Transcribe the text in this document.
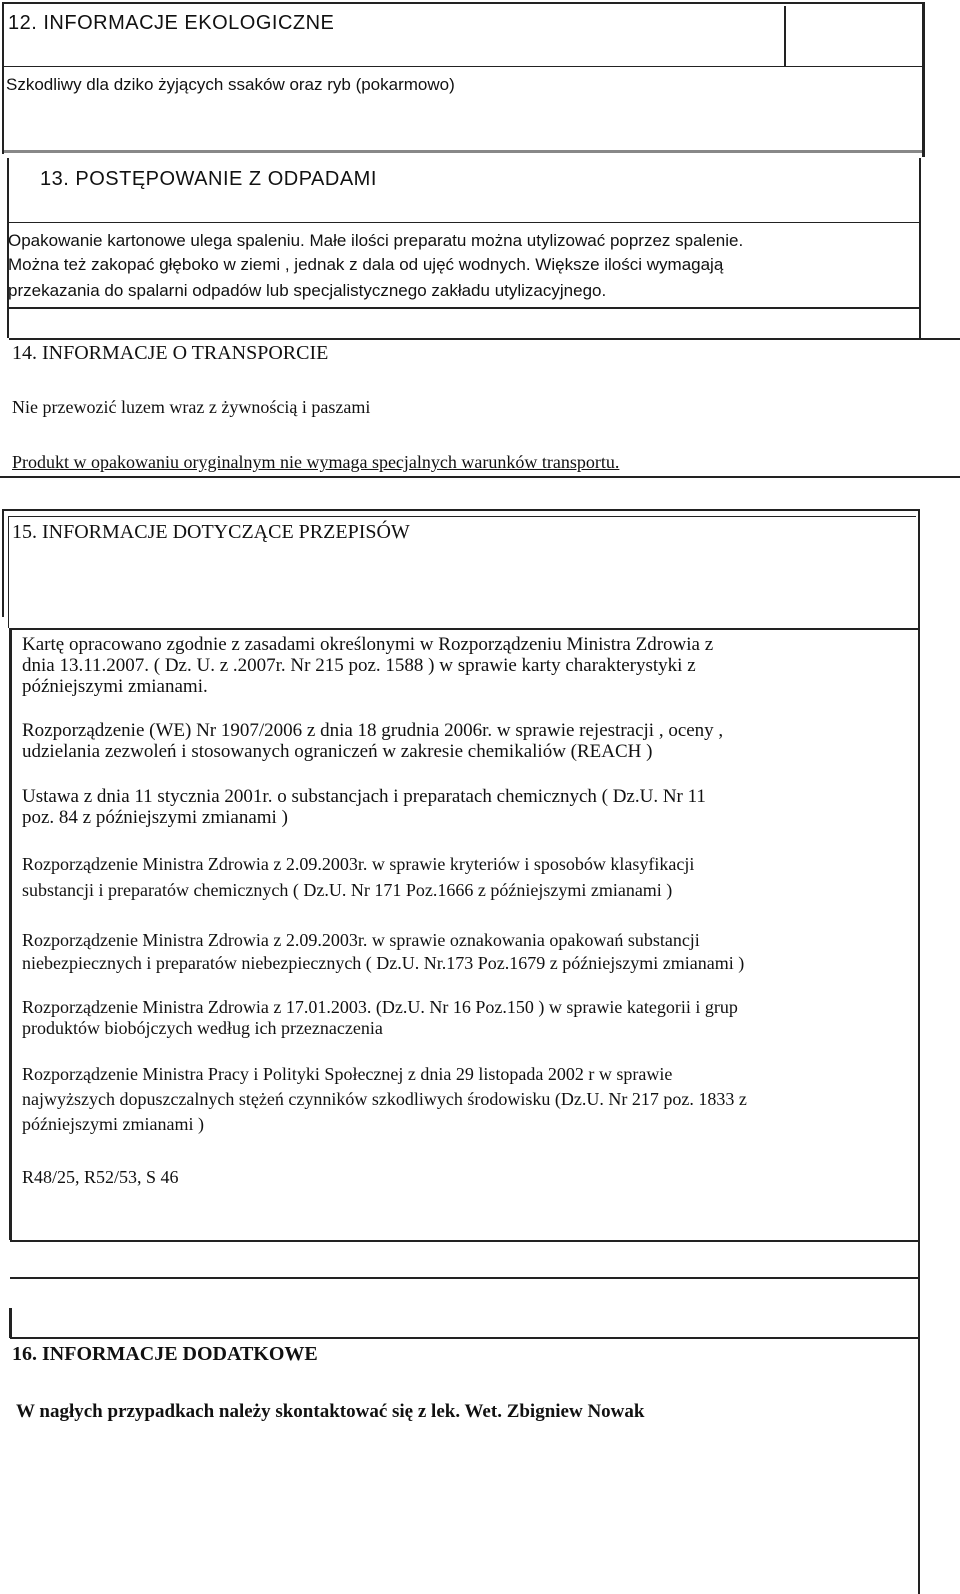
12. INFORMACJE EKOLOGICZNE
Szkodliwy dla dziko żyjących ssaków oraz ryb (pokarmowo)
13. POSTĘPOWANIE Z ODPADAMI
Opakowanie kartonowe ulega spaleniu. Małe ilości preparatu można utylizować poprzez spalenie.
Można też zakopać głęboko w ziemi , jednak z dala od ujęć wodnych. Większe ilości wymagają
przekazania do spalarni odpadów lub specjalistycznego zakładu utylizacyjnego.
14. INFORMACJE O TRANSPORCIE
Nie przewozić luzem wraz z żywnością i paszami
Produkt w opakowaniu oryginalnym nie wymaga specjalnych warunków transportu.
15. INFORMACJE DOTYCZĄCE PRZEPISÓW
Kartę opracowano zgodnie z zasadami określonymi w Rozporządzeniu Ministra Zdrowia z
dnia 13.11.2007. ( Dz. U. z .2007r. Nr 215 poz. 1588 ) w sprawie karty charakterystyki z
późniejszymi zmianami.
Rozporządzenie (WE) Nr 1907/2006 z dnia 18 grudnia 2006r. w sprawie rejestracji , oceny ,
udzielania zezwoleń i stosowanych ograniczeń w zakresie chemikaliów (REACH )
Ustawa z dnia 11 stycznia 2001r. o substancjach i preparatach chemicznych ( Dz.U. Nr 11
poz. 84 z późniejszymi zmianami )
Rozporządzenie Ministra Zdrowia z 2.09.2003r. w sprawie kryteriów i sposobów klasyfikacji
substancji i preparatów chemicznych ( Dz.U. Nr 171 Poz.1666 z późniejszymi zmianami )
Rozporządzenie Ministra Zdrowia z 2.09.2003r. w sprawie oznakowania opakowań substancji
niebezpiecznych i preparatów niebezpiecznych ( Dz.U. Nr.173 Poz.1679 z późniejszymi zmianami )
Rozporządzenie Ministra Zdrowia z 17.01.2003. (Dz.U. Nr 16 Poz.150 ) w sprawie kategorii i grup
produktów biobójczych według ich przeznaczenia
Rozporządzenie Ministra Pracy i Polityki Społecznej z dnia 29 listopada 2002 r w sprawie
najwyższych dopuszczalnych stężeń czynników szkodliwych środowisku (Dz.U. Nr 217 poz. 1833 z
późniejszymi zmianami )
R48/25, R52/53, S 46
16. INFORMACJE DODATKOWE
W nagłych przypadkach należy skontaktować się z lek. Wet. Zbigniew Nowak
